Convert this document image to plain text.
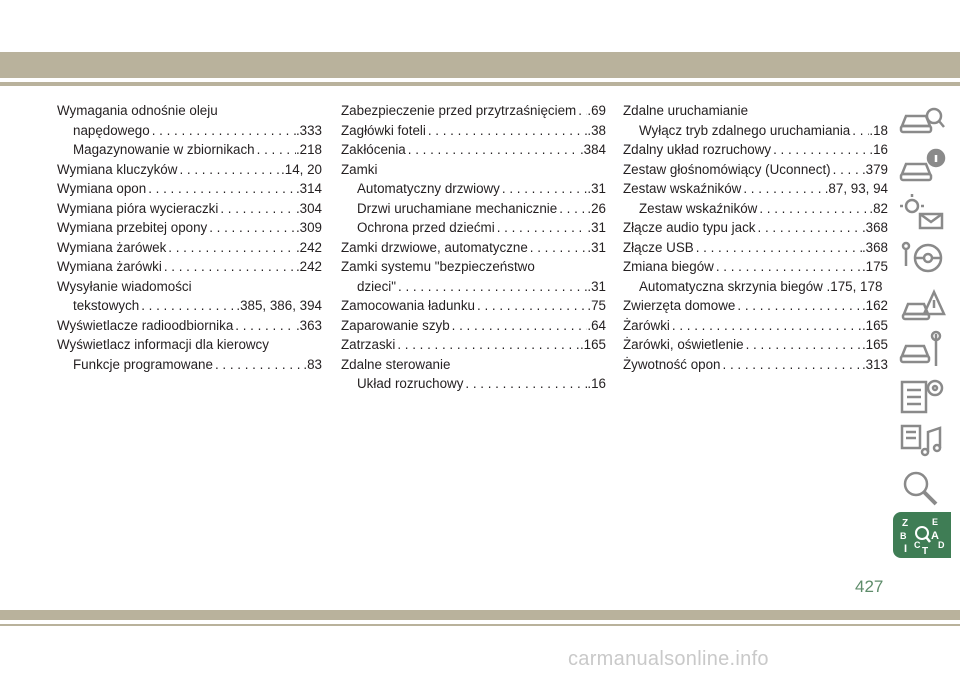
Wymagania odnośnie oleju
napędowego . . .	.333
Magazynowanie w zbiornikach . . .	.218
Wymiana kluczyków . . .	.14, 20
Wymiana opon . . .	.314
Wymiana pióra wycieraczki . . .	.304
Wymiana przebitej opony . . .	.309
Wymiana żarówek . . .	.242
Wymiana żarówki . . .	.242
Wysyłanie wiadomości
tekstowych . . .	.385, 386, 394
Wyświetlacze radioodbiornika . . .	.363
Wyświetlacz informacji dla kierowcy
Funkcje programowane . . .	.83
Zabezpieczenie przed przytrzaśnięciem . . . .69
Zagłówki foteli . . .	.38
Zakłócenia . . .	.384
Zamki
Automatyczny drzwiowy . . .	.31
Drzwi uruchamiane mechanicznie . . . .26
Ochrona przed dziećmi . . .	.31
Zamki drzwiowe, automatyczne . . .	.31
Zamki systemu "bezpieczeństwo
dzieci" . . .	.31
Zamocowania ładunku . . .	.75
Zaparowanie szyb . . .	.64
Zatrzaski . . .	.165
Zdalne sterowanie
Układ rozruchowy . . .	.16
Zdalne uruchamianie
Wyłącz tryb zdalnego uruchamiania . . . .18
Zdalny układ rozruchowy . . .	.16
Zestaw głośnomówiący (Uconnect) . . . .379
Zestaw wskaźników . . .	.87, 93, 94
Zestaw wskaźników . . .	.82
Złącze audio typu jack . . .	.368
Złącze USB . . .	.368
Zmiana biegów . . .	.175
Automatyczna skrzynia biegów .175, 178
Zwierzęta domowe . . .	.162
Żarówki . . .	.165
Żarówki, oświetlenie . . .	.165
Żywotność opon . . .	.313
Z	E
B A
I C D
T
427
carmanualsonline.info
